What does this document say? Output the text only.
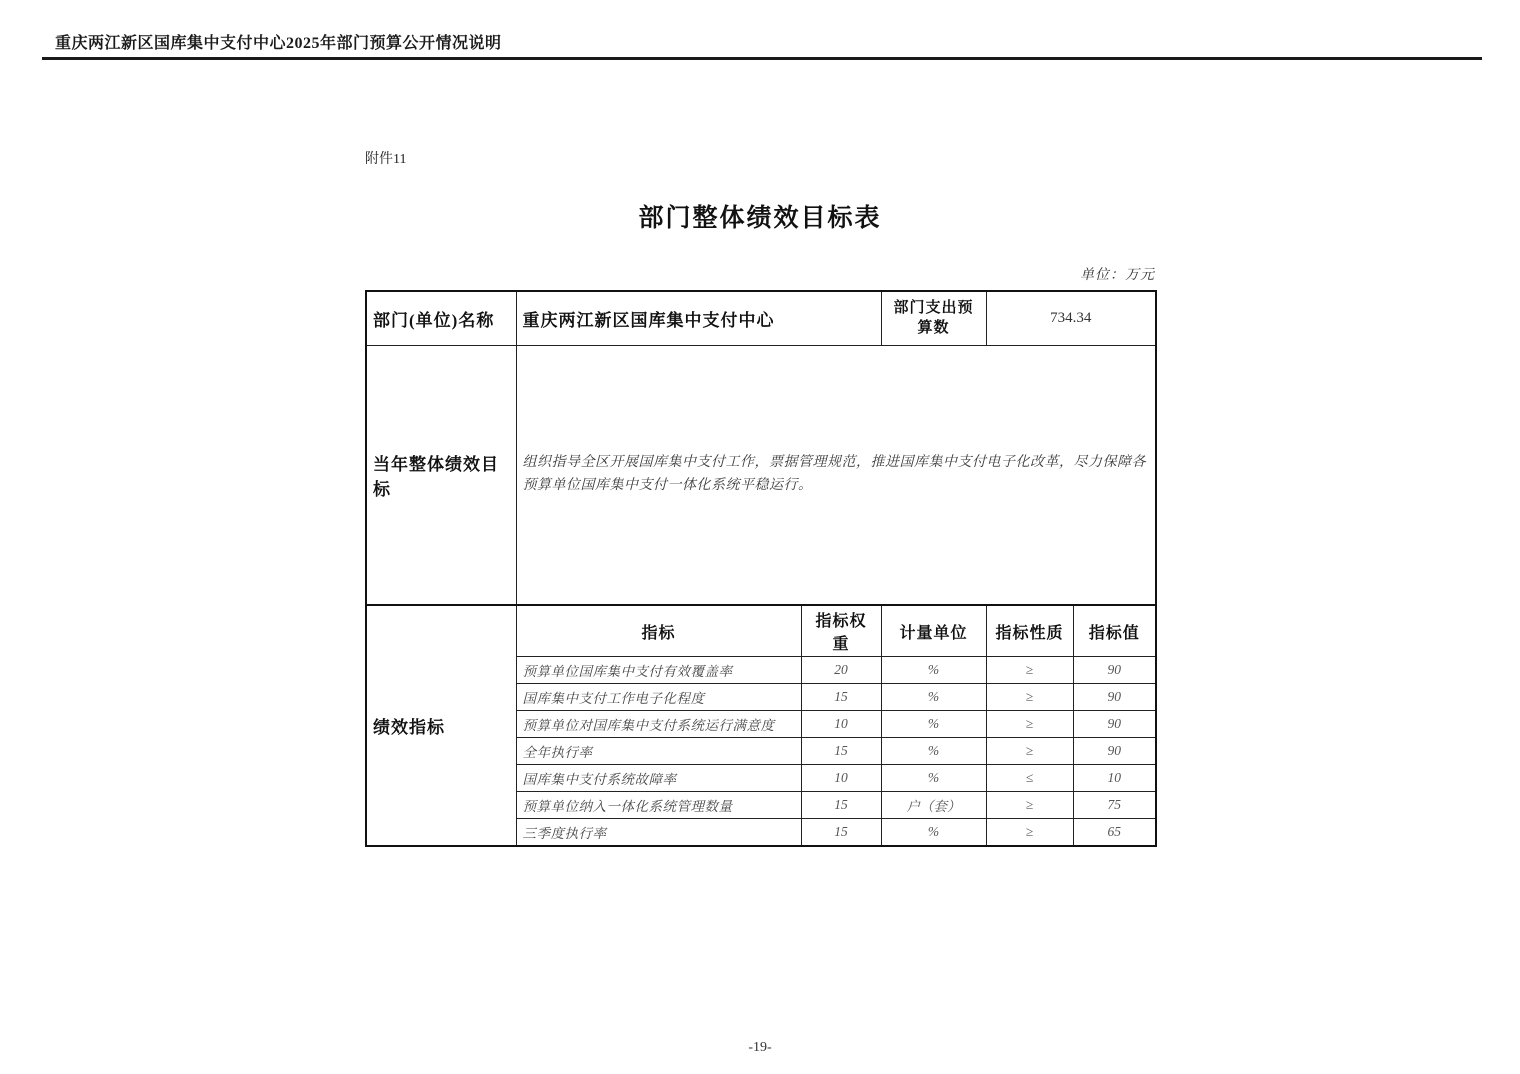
重庆两江新区国库集中支付中心2025年部门预算公开情况说明
附件11
部门整体绩效目标表
单位：万元
部门(单位)名称	重庆两江新区国库集中支付中心		部门支出预算数	734.34	
当年整体绩效目标	组织指导全区开展国库集中支付工作，票据管理规范，推进国库集中支付电子化改革，尽力保障各预算单位国库集中支付一体化系统平稳运行。				
绩效指标	指标	指标权重	计量单位	指标性质	指标值
	预算单位国库集中支付有效覆盖率	20	%	≥	90
	国库集中支付工作电子化程度	15	%	≥	90
	预算单位对国库集中支付系统运行满意度	10	%	≥	90
	全年执行率	15	%	≥	90
	国库集中支付系统故障率	10	%	≤	10
	预算单位纳入一体化系统管理数量	15	户（套）	≥	75
	三季度执行率	15	%	≥	65
-19-
